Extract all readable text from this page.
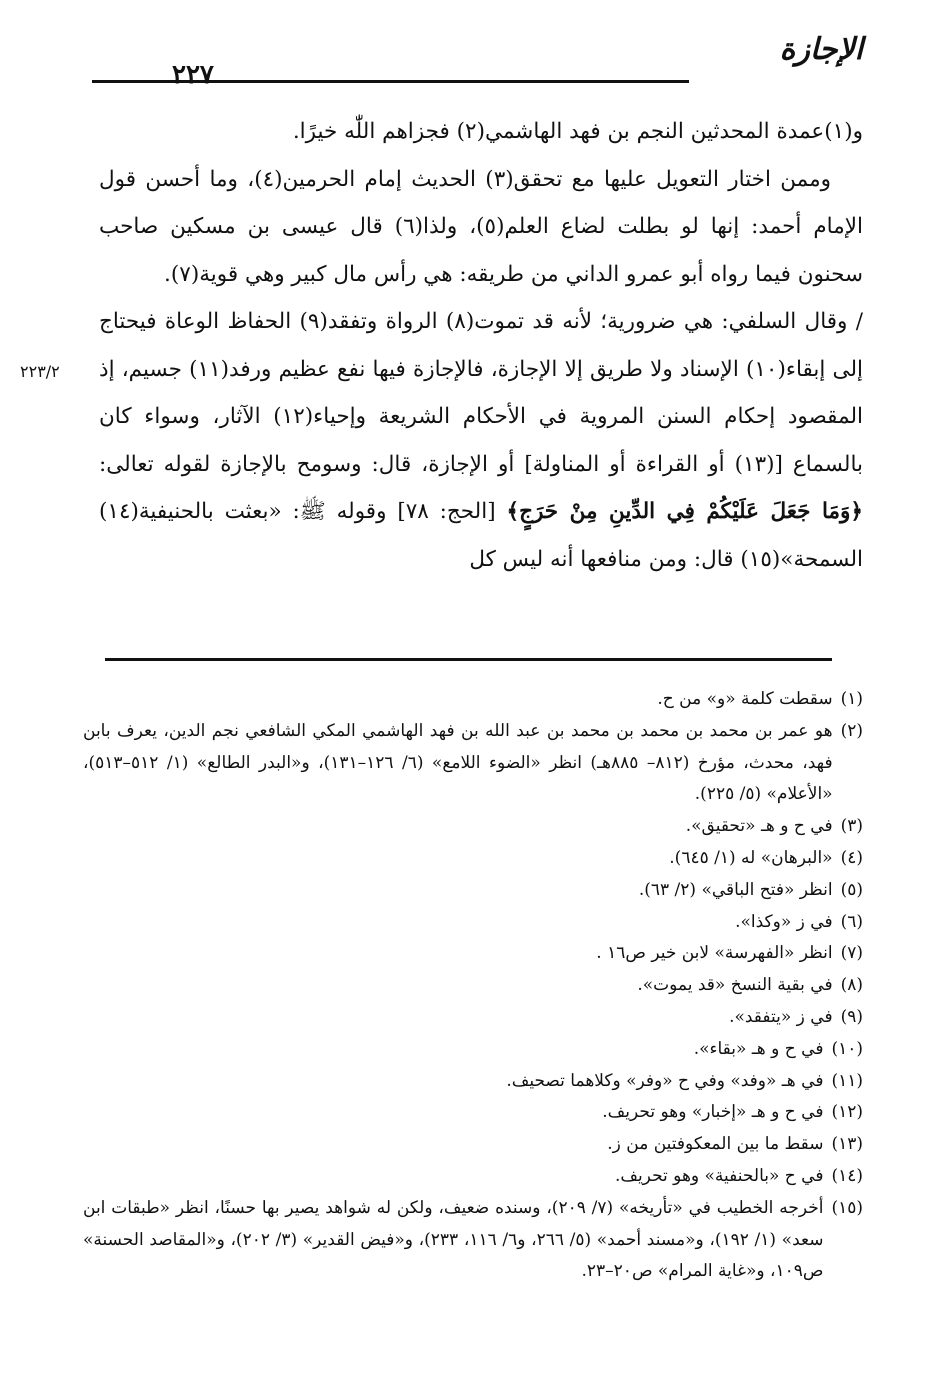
الإجازة
٢٢٧

و(١)عمدة المحدثين النجم بن فهد الهاشمي(٢) فجزاهم اللّٰه خيرًا.

وممن اختار التعويل عليها مع تحقق(٣) الحديث إمام الحرمين(٤)، وما أحسن قول الإمام أحمد: إنها لو بطلت لضاع العلم(٥)، ولذا(٦) قال عيسى بن مسكين صاحب سحنون فيما رواه أبو عمرو الداني من طريقه: هي رأس مال كبير وهي قوية(٧).

/ وقال السلفي: هي ضرورية؛ لأنه قد تموت(٨) الرواة وتفقد(٩) الحفاظ الوعاة فيحتاج إلى إبقاء(١٠) الإسناد ولا طريق إلا الإجازة، فالإجازة فيها نفع عظيم ورفد(١١) جسيم، إذ المقصود إحكام السنن المروية في الأحكام الشريعة وإحياء(١٢) الآثار، وسواء كان بالسماع [(١٣) أو القراءة أو المناولة] أو الإجازة، قال: وسومح بالإجازة لقوله تعالى: ﴿وَمَا جَعَلَ عَلَيْكُمْ فِي الدِّينِ مِنْ حَرَجٍ﴾ [الحج: ٧٨] وقوله ﷺ: «بعثت بالحنيفية(١٤) السمحة»(١٥) قال: ومن منافعها أنه ليس كل

٢٢٣/٢
(١)
سقطت كلمة «و» من ح.
(٢)
هو عمر بن محمد بن محمد بن محمد بن عبد الله بن فهد الهاشمي المكي الشافعي نجم الدين، يعرف بابن فهد، محدث، مؤرخ (٨١٢– ٨٨٥هـ) انظر «الضوء اللامع» (٦/ ١٢٦–١٣١)، و«البدر الطالع» (١/ ٥١٢–٥١٣)، «الأعلام» (٥/ ٢٢٥).
(٣)
في ح و هـ «تحقيق».
(٤)
«البرهان» له (١/ ٦٤٥).
(٥)
انظر «فتح الباقي» (٢/ ٦٣).
(٦)
في ز «وكذا».
(٧)
انظر «الفهرسة» لابن خير ص١٦ .
(٨)
في بقية النسخ «قد يموت».
(٩)
في ز «يتفقد».
(١٠)
في ح و هـ «بقاء».
(١١)
في هـ «وفد» وفي ح «وفر» وكلاهما تصحيف.
(١٢)
في ح و هـ «إخبار» وهو تحريف.
(١٣)
سقط ما بين المعكوفتين من ز.
(١٤)
في ح «بالحنفية» وهو تحريف.
(١٥)
أخرجه الخطيب في «تأريخه» (٧/ ٢٠٩)، وسنده ضعيف، ولكن له شواهد يصير بها حسنًا، انظر «طبقات ابن سعد» (١/ ١٩٢)، و«مسند أحمد» (٥/ ٢٦٦، و٦/ ١١٦، ٢٣٣)، و«فيض القدير» (٣/ ٢٠٢)، و«المقاصد الحسنة» ص١٠٩، و«غاية المرام» ص٢٠–٢٣.
